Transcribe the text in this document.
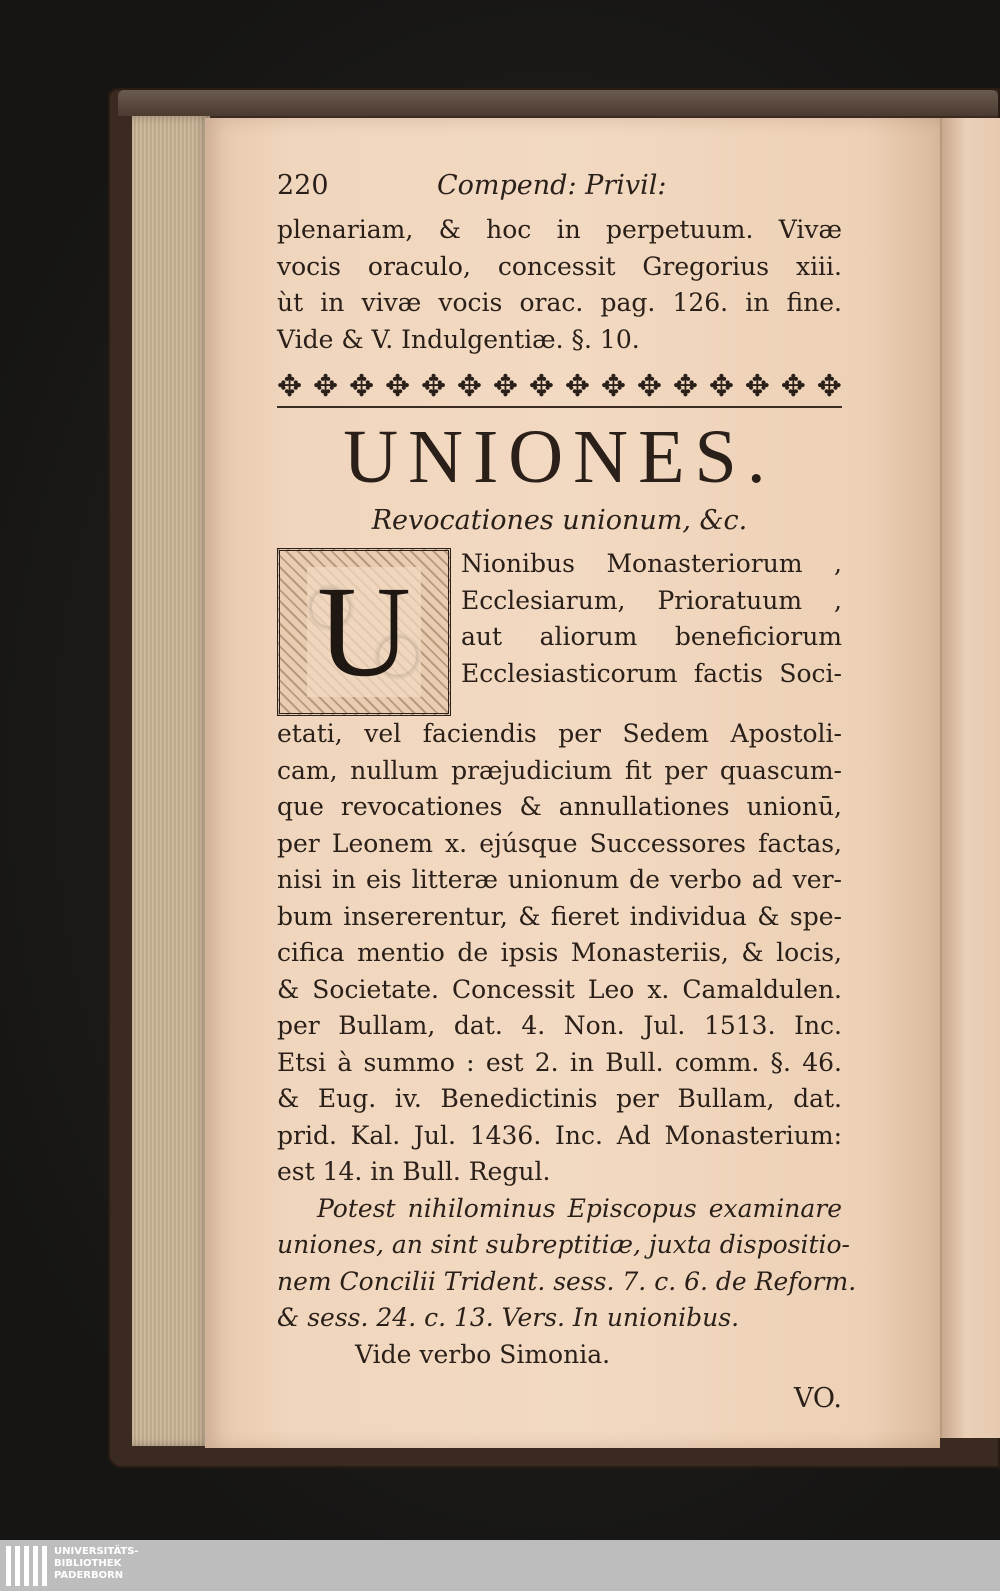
220	Compend: Privil:
plenariam, & hoc in perpetuum. Vivæ
vocis oraculo, concessit Gregorius xiii.
ùt in vivæ vocis orac. pag. 126. in fine.
Vide & V. Indulgentiæ. §. 10.
✥ ✥ ✥ ✥ ✥ ✥ ✥ ✥ ✥ ✥ ✥ ✥ ✥ ✥ ✥ ✥
UNIONES.
Revocationes unionum, &c.
U	Nionibus Monasteriorum ,
Ecclesiarum, Prioratuum ,
aut aliorum beneficiorum
Ecclesiasticorum factis Soci-
etati, vel faciendis per Sedem Apostoli-
cam, nullum præjudicium fit per quascum-
que revocationes & annullationes unionū,
per Leonem x. ejúsque Successores factas,
nisi in eis litteræ unionum de verbo ad ver-
bum insererentur, & fieret individua & spe-
cifica mentio de ipsis Monasteriis, & locis,
& Societate. Concessit Leo x. Camaldulen.
per Bullam, dat. 4. Non. Jul. 1513. Inc.
Etsi à summo : est 2. in Bull. comm. §. 46.
& Eug. iv. Benedictinis per Bullam, dat.
prid. Kal. Jul. 1436. Inc. Ad Monasterium:
est 14. in Bull. Regul.
Potest nihilominus Episcopus examinare
uniones, an sint subreptitiæ, juxta dispositio-
nem Concilii Trident. sess. 7. c. 6. de Reform.
& sess. 24. c. 13. Vers. In unionibus.
Vide verbo Simonia.
VO.
UNIVERSITÄTS-
BIBLIOTHEK
PADERBORN
